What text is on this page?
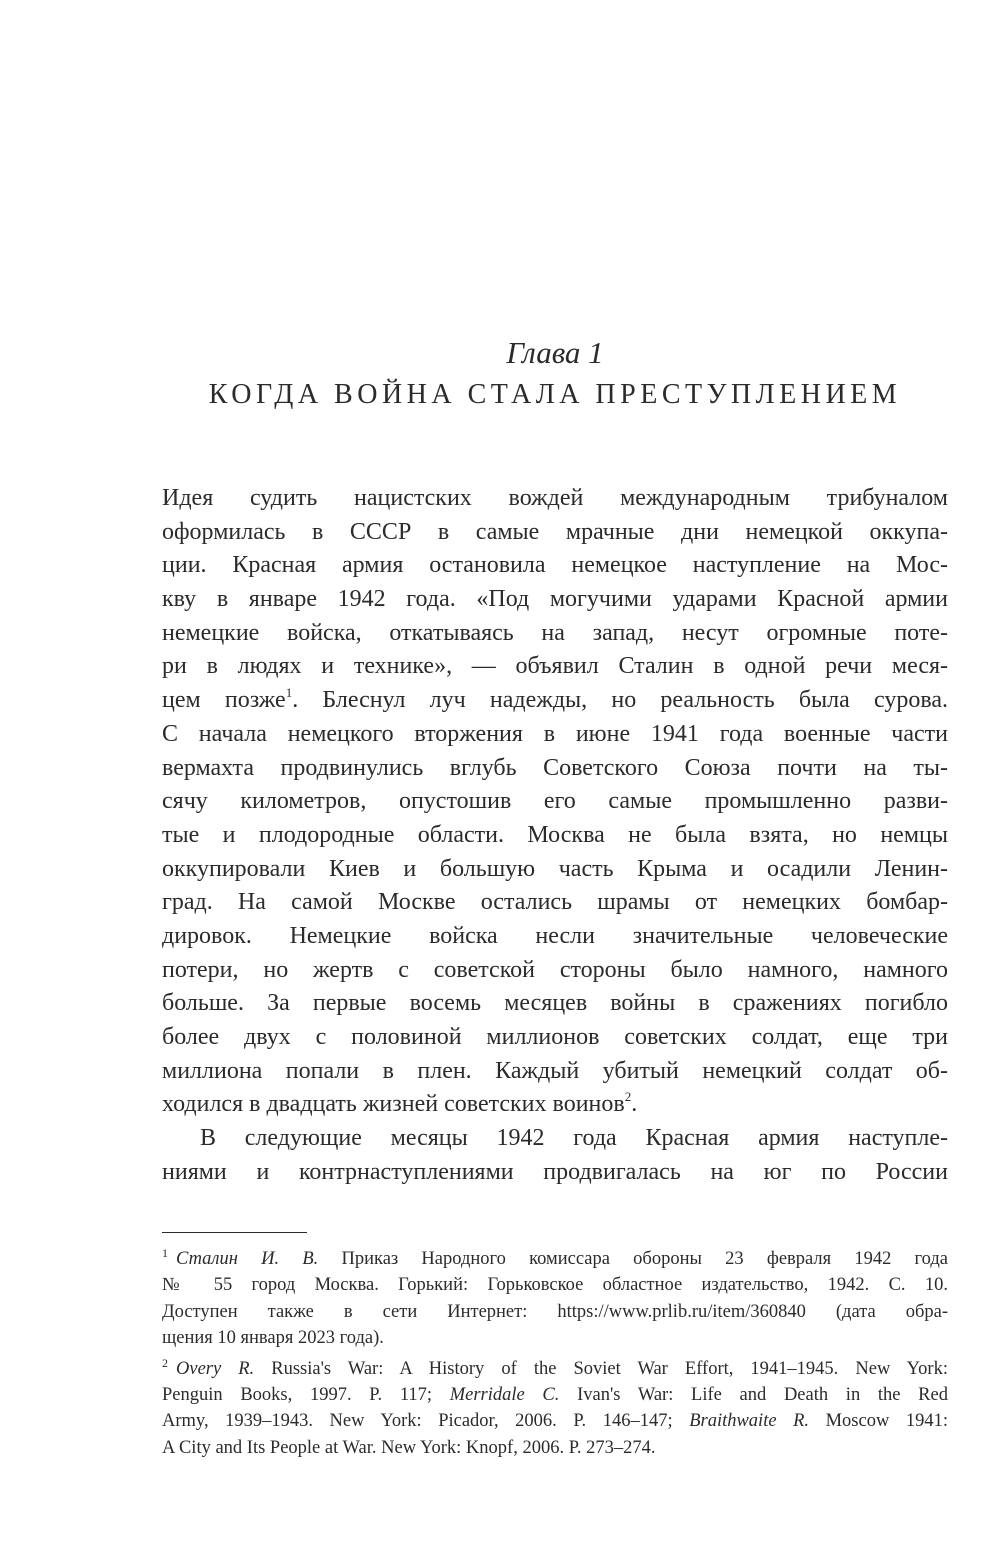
Глава 1
КОГДА ВОЙНА СТАЛА ПРЕСТУПЛЕНИЕМ
Идея судить нацистских вождей международным трибуналом
оформилась в СССР в самые мрачные дни немецкой оккупа-
ции. Красная армия остановила немецкое наступление на Мос-
кву в январе 1942 года. «Под могучими ударами Красной армии
немецкие войска, откатываясь на запад, несут огромные поте-
ри в людях и технике», — объявил Сталин в одной речи меся-
цем позже$^1$. Блеснул луч надежды, но реальность была сурова.
С начала немецкого вторжения в июне 1941 года военные части
вермахта продвинулись вглубь Советского Союза почти на ты-
сячу километров, опустошив его самые промышленно разви-
тые и плодородные области. Москва не была взята, но немцы
оккупировали Киев и большую часть Крыма и осадили Ленин-
град. На самой Москве остались шрамы от немецких бомбар-
дировок. Немецкие войска несли значительные человеческие
потери, но жертв с советской стороны было намного, намного
больше. За первые восемь месяцев войны в сражениях погибло
более двух с половиной миллионов советских солдат, еще три
миллиона попали в плен. Каждый убитый немецкий солдат об-
ходился в двадцать жизней советских воинов$^2$.
В следующие месяцы 1942 года Красная армия наступле-
ниями и контрнаступлениями продвигалась на юг по России
$^1$ Сталин И. В. Приказ Народного комиссара обороны 23 февраля 1942 года
№ 55 город Москва. Горький: Горьковское областное издательство, 1942. С. 10.
Доступен также в сети Интернет: https://www.prlib.ru/item/360840 (дата обра-
щения 10 января 2023 года).
$^2$ Overy R. Russia's War: A History of the Soviet War Effort, 1941–1945. New York:
Penguin Books, 1997. P. 117; Merridale C. Ivan's War: Life and Death in the Red
Army, 1939–1943. New York: Picador, 2006. P. 146–147; Braithwaite R. Moscow 1941:
A City and Its People at War. New York: Knopf, 2006. P. 273–274.
